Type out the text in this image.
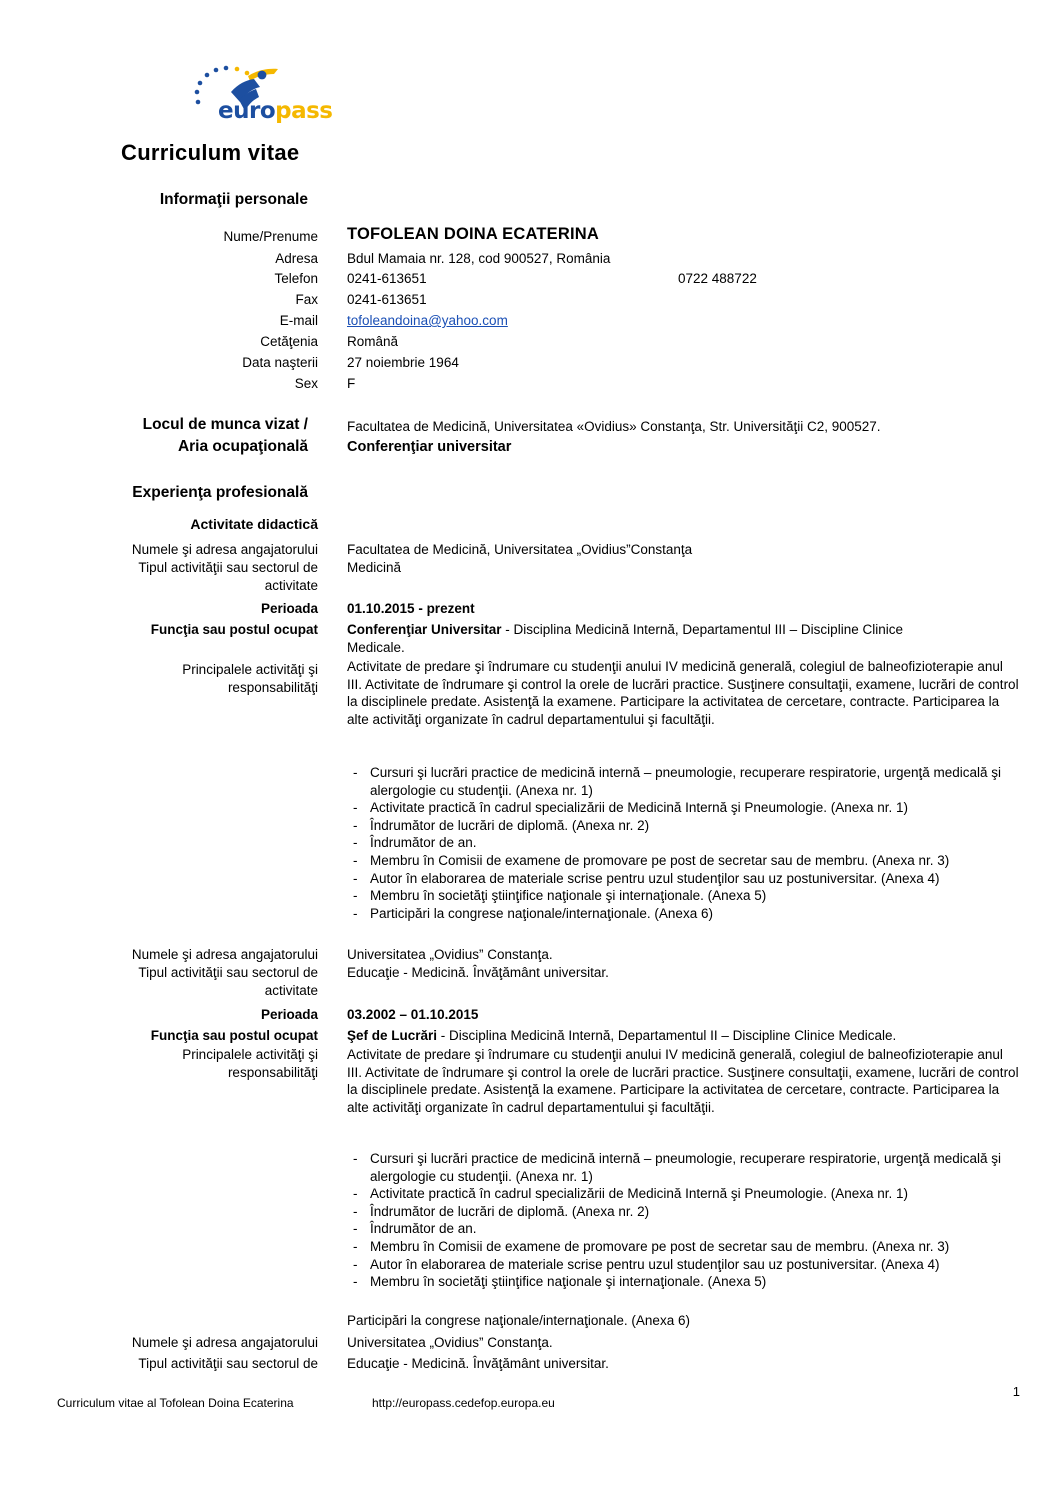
europass
Curriculum vitae
Informaţii personale
Nume/Prenume TOFOLEAN DOINA ECATERINA
Adresa Bdul Mamaia nr. 128, cod 900527, România
Telefon 0241-613651	0722 488722
Fax 0241-613651
E-mail tofoleandoina@yahoo.com
Cetăţenia Română
Data naşterii 27 noiembrie 1964
Sex F
Locul de munca vizat /
Aria ocupaţională
Facultatea de Medicină, Universitatea «Ovidius» Constanţa, Str. Universităţii C2, 900527.
Conferenţiar universitar
Experienţa profesională
Activitate didactică
Numele şi adresa angajatorului Facultatea de Medicină, Universitatea „Ovidius”Constanţa
Tipul activităţii sau sectorul de
activitate
Medicină
Perioada 01.10.2015 - prezent
Funcţia sau postul ocupat Conferenţiar Universitar - Disciplina Medicină Internă, Departamentul III – Discipline Clinice
Medicale.
Principalele activităţi şi
responsabilităţi
Activitate de predare şi îndrumare cu studenţii anului IV medicină generală, colegiul de balneofizioterapie anul III. Activitate de îndrumare şi control la orele de lucrări practice. Susţinere consultaţii, examene, lucrări de control la disciplinele predate. Asistenţă la examene. Participare la activitatea de cercetare, contracte. Participarea la alte activităţi organizate în cadrul departamentului şi facultăţii.
- Cursuri şi lucrări practice de medicină internă – pneumologie, recuperare respiratorie, urgenţă medicală şi alergologie cu studenţii. (Anexa nr. 1)
- Activitate practică în cadrul specializării de Medicină Internă şi Pneumologie. (Anexa nr. 1)
- Îndrumător de lucrări de diplomă. (Anexa nr. 2)
- Îndrumător de an.
- Membru în Comisii de examene de promovare pe post de secretar sau de membru. (Anexa nr. 3)
- Autor în elaborarea de materiale scrise pentru uzul studenţilor sau uz postuniversitar. (Anexa 4)
- Membru în societăţi ştiinţifice naţionale şi internaţionale. (Anexa 5)
- Participări la congrese naţionale/internaţionale. (Anexa 6)
Numele şi adresa angajatorului Universitatea „Ovidius” Constanţa.
Tipul activităţii sau sectorul de
activitate
Educaţie - Medicină. Învăţământ universitar.
Perioada 03.2002 – 01.10.2015
Funcţia sau postul ocupat Şef de Lucrări - Disciplina Medicină Internă, Departamentul II – Discipline Clinice Medicale.
Principalele activităţi şi
responsabilităţi
Activitate de predare şi îndrumare cu studenţii anului IV medicină generală, colegiul de balneofizioterapie anul III. Activitate de îndrumare şi control la orele de lucrări practice. Susţinere consultaţii, examene, lucrări de control la disciplinele predate. Asistenţă la examene. Participare la activitatea de cercetare, contracte. Participarea la alte activităţi organizate în cadrul departamentului şi facultăţii.
- Cursuri şi lucrări practice de medicină internă – pneumologie, recuperare respiratorie, urgenţă medicală şi alergologie cu studenţii. (Anexa nr. 1)
- Activitate practică în cadrul specializării de Medicină Internă şi Pneumologie. (Anexa nr. 1)
- Îndrumător de lucrări de diplomă. (Anexa nr. 2)
- Îndrumător de an.
- Membru în Comisii de examene de promovare pe post de secretar sau de membru. (Anexa nr. 3)
- Autor în elaborarea de materiale scrise pentru uzul studenţilor sau uz postuniversitar. (Anexa 4)
- Membru în societăţi ştiinţifice naţionale şi internaţionale. (Anexa 5)
Participări la congrese naţionale/internaţionale. (Anexa 6)
Numele şi adresa angajatorului Universitatea „Ovidius” Constanţa.
Tipul activităţii sau sectorul de Educaţie - Medicină. Învăţământ universitar.
Curriculum vitae al Tofolean Doina Ecaterina	http://europass.cedefop.europa.eu
1
